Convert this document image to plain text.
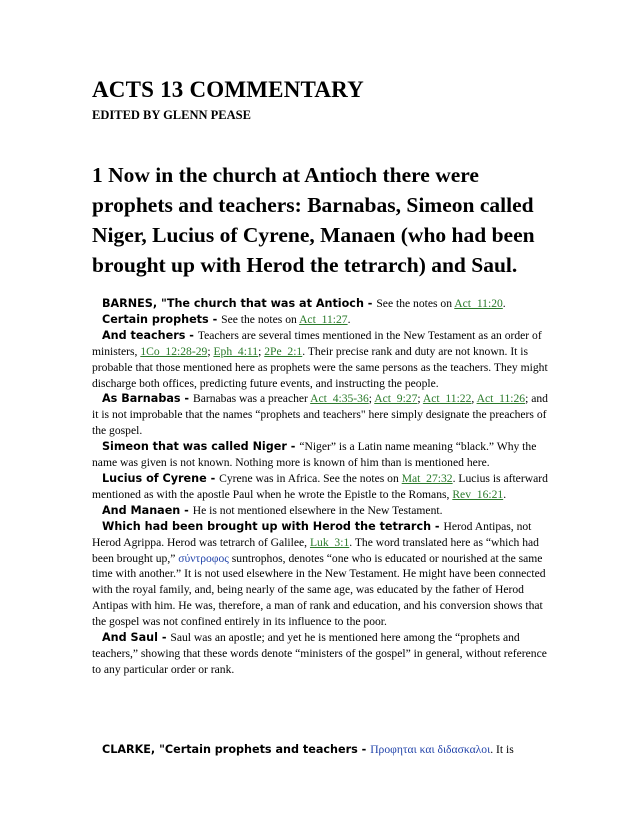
ACTS 13 COMMENTARY
EDITED BY GLENN PEASE

1 Now in the church at Antioch there were prophets and teachers: Barnabas, Simeon called Niger, Lucius of Cyrene, Manaen (who had been brought up with Herod the tetrarch) and Saul.

BARNES, "The church that was at Antioch - See the notes on Act_11:20.

Certain prophets - See the notes on Act_11:27.

And teachers - Teachers are several times mentioned in the New Testament as an order of ministers, 1Co_12:28-29; Eph_4:11; 2Pe_2:1. Their precise rank and duty are not known. It is probable that those mentioned here as prophets were the same persons as the teachers. They might discharge both offices, predicting future events, and instructing the people.

As Barnabas - Barnabas was a preacher Act_4:35-36; Act_9:27; Act_11:22, Act_11:26; and it is not improbable that the names “prophets and teachers" here simply designate the preachers of the gospel.

Simeon that was called Niger - “Niger” is a Latin name meaning “black.” Why the name was given is not known. Nothing more is known of him than is mentioned here.

Lucius of Cyrene - Cyrene was in Africa. See the notes on Mat_27:32. Lucius is afterward mentioned as with the apostle Paul when he wrote the Epistle to the Romans, Rev_16:21.

And Manaen - He is not mentioned elsewhere in the New Testament.

Which had been brought up with Herod the tetrarch - Herod Antipas, not Herod Agrippa. Herod was tetrarch of Galilee, Luk_3:1. The word translated here as “which had been brought up,” σύντροφος suntrophos, denotes “one who is educated or nourished at the same time with another.” It is not used elsewhere in the New Testament. He might have been connected with the royal family, and, being nearly of the same age, was educated by the father of Herod Antipas with him. He was, therefore, a man of rank and education, and his conversion shows that the gospel was not confined entirely in its influence to the poor.

And Saul - Saul was an apostle; and yet he is mentioned here among the “prophets and teachers,” showing that these words denote “ministers of the gospel” in general, without reference to any particular order or rank.

CLARKE, "Certain prophets and teachers - Προφηται και διδασκαλοι. It is
